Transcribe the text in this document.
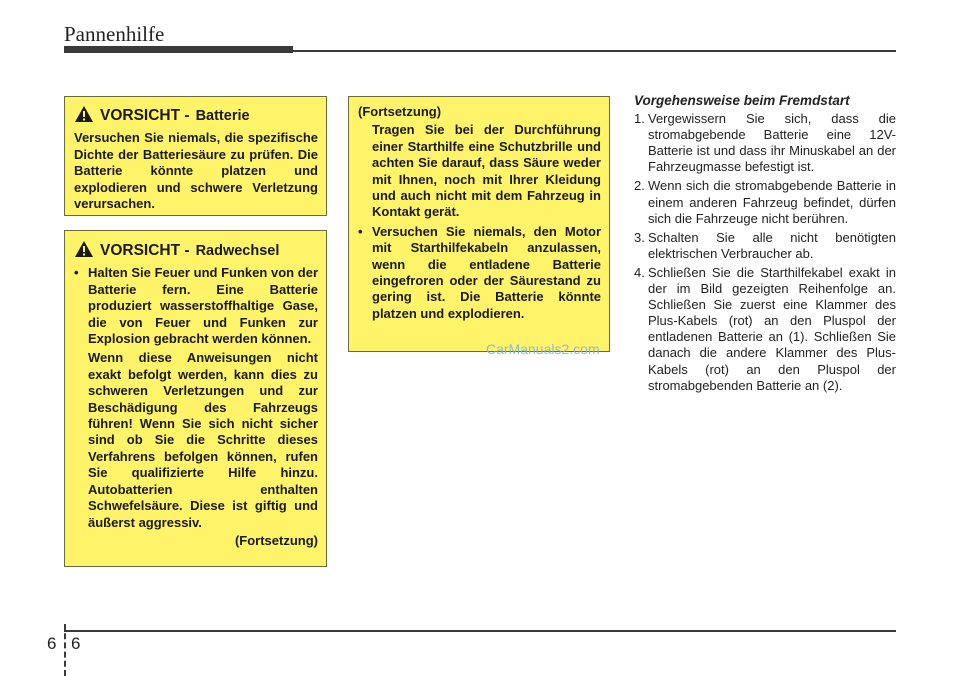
Pannenhilfe
VORSICHT - Batterie
Versuchen Sie niemals, die spezifische Dichte der Batteriesäure zu prüfen. Die Batterie könnte platzen und explodieren und schwere Verletzung verursachen.
VORSICHT - Radwechsel
• Halten Sie Feuer und Funken von der Batterie fern. Eine Batterie produziert wasserstoffhaltige Gase, die von Feuer und Funken zur Explosion gebracht werden können.
Wenn diese Anweisungen nicht exakt befolgt werden, kann dies zu schweren Verletzungen und zur Beschädigung des Fahrzeugs führen! Wenn Sie sich nicht sicher sind ob Sie die Schritte dieses Verfahrens befolgen können, rufen Sie qualifizierte Hilfe hinzu. Autobatterien enthalten Schwefelsäure. Diese ist giftig und äußerst aggressiv.
(Fortsetzung)
(Fortsetzung)
Tragen Sie bei der Durchführung einer Starthilfe eine Schutzbrille und achten Sie darauf, dass Säure weder mit Ihnen, noch mit Ihrer Kleidung und auch nicht mit dem Fahrzeug in Kontakt gerät.
• Versuchen Sie niemals, den Motor mit Starthilfekabeln anzulassen, wenn die entladene Batterie eingefroren oder der Säurestand zu gering ist. Die Batterie könnte platzen und explodieren.
CarManuals2.com
Vorgehensweise beim Fremdstart
1. Vergewissern Sie sich, dass die stromabgebende Batterie eine 12V-Batterie ist und dass ihr Minuskabel an der Fahrzeugmasse befestigt ist.
2. Wenn sich die stromabgebende Batterie in einem anderen Fahrzeug befindet, dürfen sich die Fahrzeuge nicht berühren.
3. Schalten Sie alle nicht benötigten elektrischen Verbraucher ab.
4. Schließen Sie die Starthilfekabel exakt in der im Bild gezeigten Reihenfolge an. Schließen Sie zuerst eine Klammer des Plus-Kabels (rot) an den Pluspol der entladenen Batterie an (1). Schließen Sie danach die andere Klammer des Plus-Kabels (rot) an den Pluspol der stromabgebenden Batterie an (2).
6 6
